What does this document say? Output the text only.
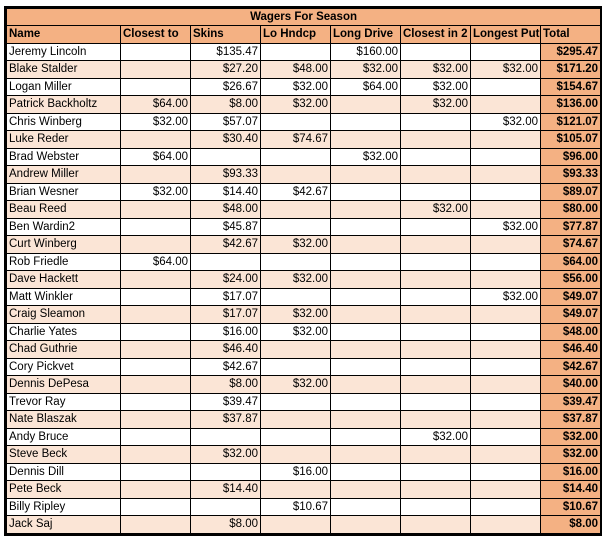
Wagers For Season							
Name	Closest to	Skins	Lo Hndcp	Long Drive	Closest in 2	Longest Put	Total
Jeremy Lincoln		$135.47		$160.00			$295.47
Blake Stalder		$27.20	$48.00	$32.00	$32.00	$32.00	$171.20
Logan Miller		$26.67	$32.00	$64.00	$32.00		$154.67
Patrick Backholtz	$64.00	$8.00	$32.00		$32.00		$136.00
Chris Winberg	$32.00	$57.07				$32.00	$121.07
Luke Reder		$30.40	$74.67				$105.07
Brad Webster	$64.00			$32.00			$96.00
Andrew Miller		$93.33					$93.33
Brian Wesner	$32.00	$14.40	$42.67				$89.07
Beau Reed		$48.00			$32.00		$80.00
Ben Wardin2		$45.87				$32.00	$77.87
Curt Winberg		$42.67	$32.00				$74.67
Rob Friedle	$64.00						$64.00
Dave Hackett		$24.00	$32.00				$56.00
Matt Winkler		$17.07				$32.00	$49.07
Craig Sleamon		$17.07	$32.00				$49.07
Charlie Yates		$16.00	$32.00				$48.00
Chad Guthrie		$46.40					$46.40
Cory Pickvet		$42.67					$42.67
Dennis DePesa		$8.00	$32.00				$40.00
Trevor Ray		$39.47					$39.47
Nate Blaszak		$37.87					$37.87
Andy Bruce					$32.00		$32.00
Steve Beck		$32.00					$32.00
Dennis Dill			$16.00				$16.00
Pete Beck		$14.40					$14.40
Billy Ripley			$10.67				$10.67
Jack Saj		$8.00					$8.00
